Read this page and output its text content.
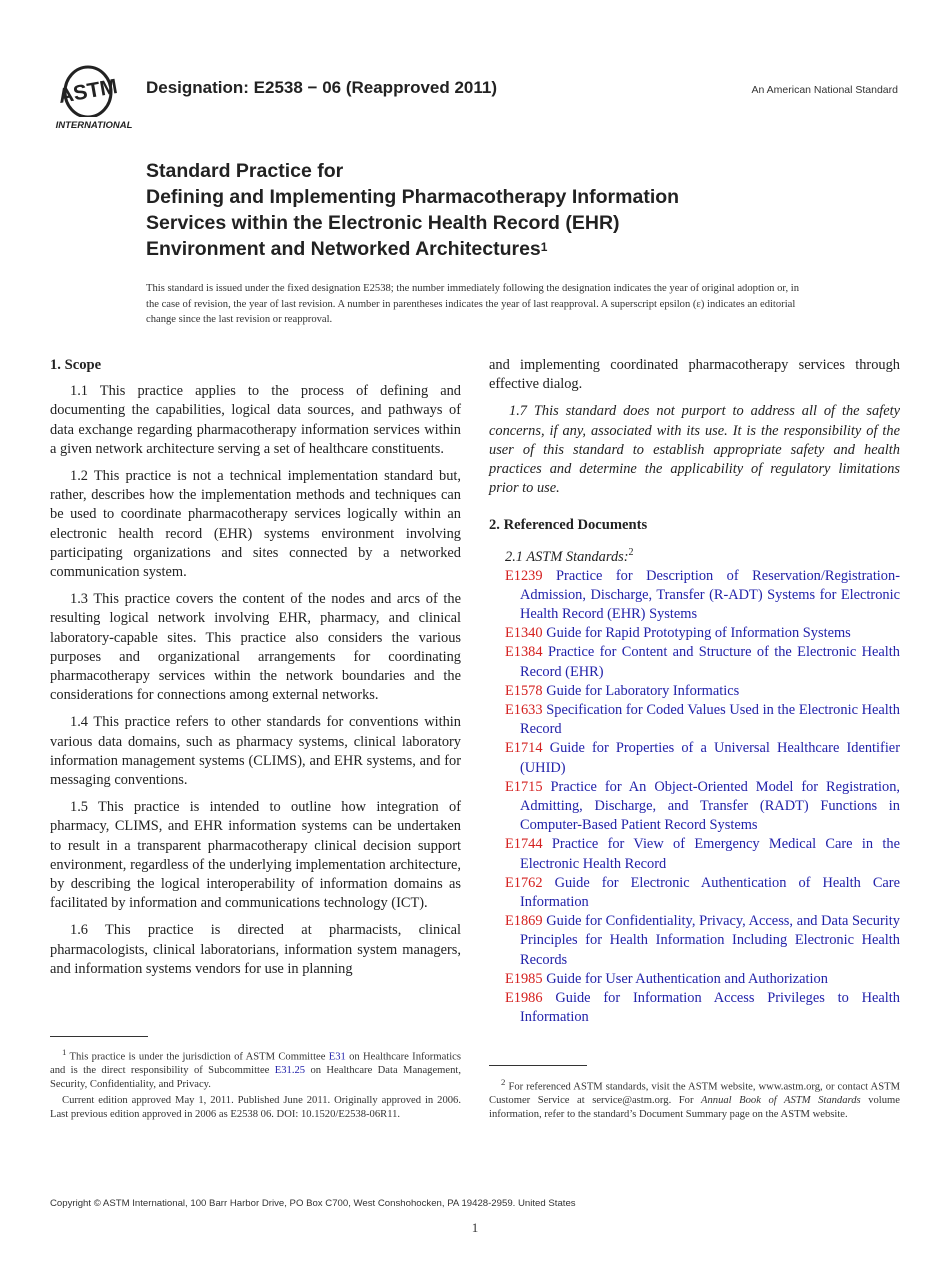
ASTM
INTERNATIONAL
Designation: E2538 − 06 (Reapproved 2011)	An American National Standard
Standard Practice for
Defining and Implementing Pharmacotherapy Information
Services within the Electronic Health Record (EHR)
Environment and Networked Architectures$^1$

This standard is issued under the fixed designation E2538; the number immediately following the designation indicates the year of original adoption or, in the case of revision, the year of last revision. A number in parentheses indicates the year of last reapproval. A superscript epsilon (ε) indicates an editorial change since the last revision or reapproval.

1. Scope

1.1 This practice applies to the process of defining and documenting the capabilities, logical data sources, and pathways of data exchange regarding pharmacotherapy information services within a given network architecture serving a set of healthcare constituents.

1.2 This practice is not a technical implementation standard but, rather, describes how the implementation methods and techniques can be used to coordinate pharmacotherapy services logically within an electronic health record (EHR) systems environment involving participating organizations and sites connected by a networked communication system.

1.3 This practice covers the content of the nodes and arcs of the resulting logical network involving EHR, pharmacy, and clinical laboratory-capable sites. This practice also considers the various purposes and organizational arrangements for coordinating pharmacotherapy services within the network boundaries and the considerations for connections among external networks.

1.4 This practice refers to other standards for conventions within various data domains, such as pharmacy systems, clinical laboratory information management systems (CLIMS), and EHR systems, and for messaging conventions.

1.5 This practice is intended to outline how integration of pharmacy, CLIMS, and EHR information systems can be undertaken to result in a transparent pharmacotherapy clinical decision support environment, regardless of the underlying implementation architecture, by describing the logical interoperability of information domains as facilitated by information and communications technology (ICT).

1.6 This practice is directed at pharmacists, clinical pharmacologists, clinical laboratorians, information system managers, and information systems vendors for use in planning

$^1$ This practice is under the jurisdiction of ASTM Committee E31 on Healthcare Informatics and is the direct responsibility of Subcommittee E31.25 on Healthcare Data Management, Security, Confidentiality, and Privacy.

Current edition approved May 1, 2011. Published June 2011. Originally approved in 2006. Last previous edition approved in 2006 as E2538 06. DOI: 10.1520/E2538-06R11.

and implementing coordinated pharmacotherapy services through effective dialog.

1.7 This standard does not purport to address all of the safety concerns, if any, associated with its use. It is the responsibility of the user of this standard to establish appropriate safety and health practices and determine the applicability of regulatory limitations prior to use.

2. Referenced Documents

2.1 ASTM Standards:$^2$

E1239 Practice for Description of Reservation/Registration-Admission, Discharge, Transfer (R-ADT) Systems for Electronic Health Record (EHR) Systems
E1340 Guide for Rapid Prototyping of Information Systems
E1384 Practice for Content and Structure of the Electronic Health Record (EHR)
E1578 Guide for Laboratory Informatics
E1633 Specification for Coded Values Used in the Electronic Health Record
E1714 Guide for Properties of a Universal Healthcare Identifier (UHID)
E1715 Practice for An Object-Oriented Model for Registration, Admitting, Discharge, and Transfer (RADT) Functions in Computer-Based Patient Record Systems
E1744 Practice for View of Emergency Medical Care in the Electronic Health Record
E1762 Guide for Electronic Authentication of Health Care Information
E1869 Guide for Confidentiality, Privacy, Access, and Data Security Principles for Health Information Including Electronic Health Records
E1985 Guide for User Authentication and Authorization
E1986 Guide for Information Access Privileges to Health Information

$^2$ For referenced ASTM standards, visit the ASTM website, www.astm.org, or contact ASTM Customer Service at service@astm.org. For Annual Book of ASTM Standards volume information, refer to the standard’s Document Summary page on the ASTM website.

Copyright © ASTM International, 100 Barr Harbor Drive, PO Box C700, West Conshohocken, PA 19428-2959. United States
1
